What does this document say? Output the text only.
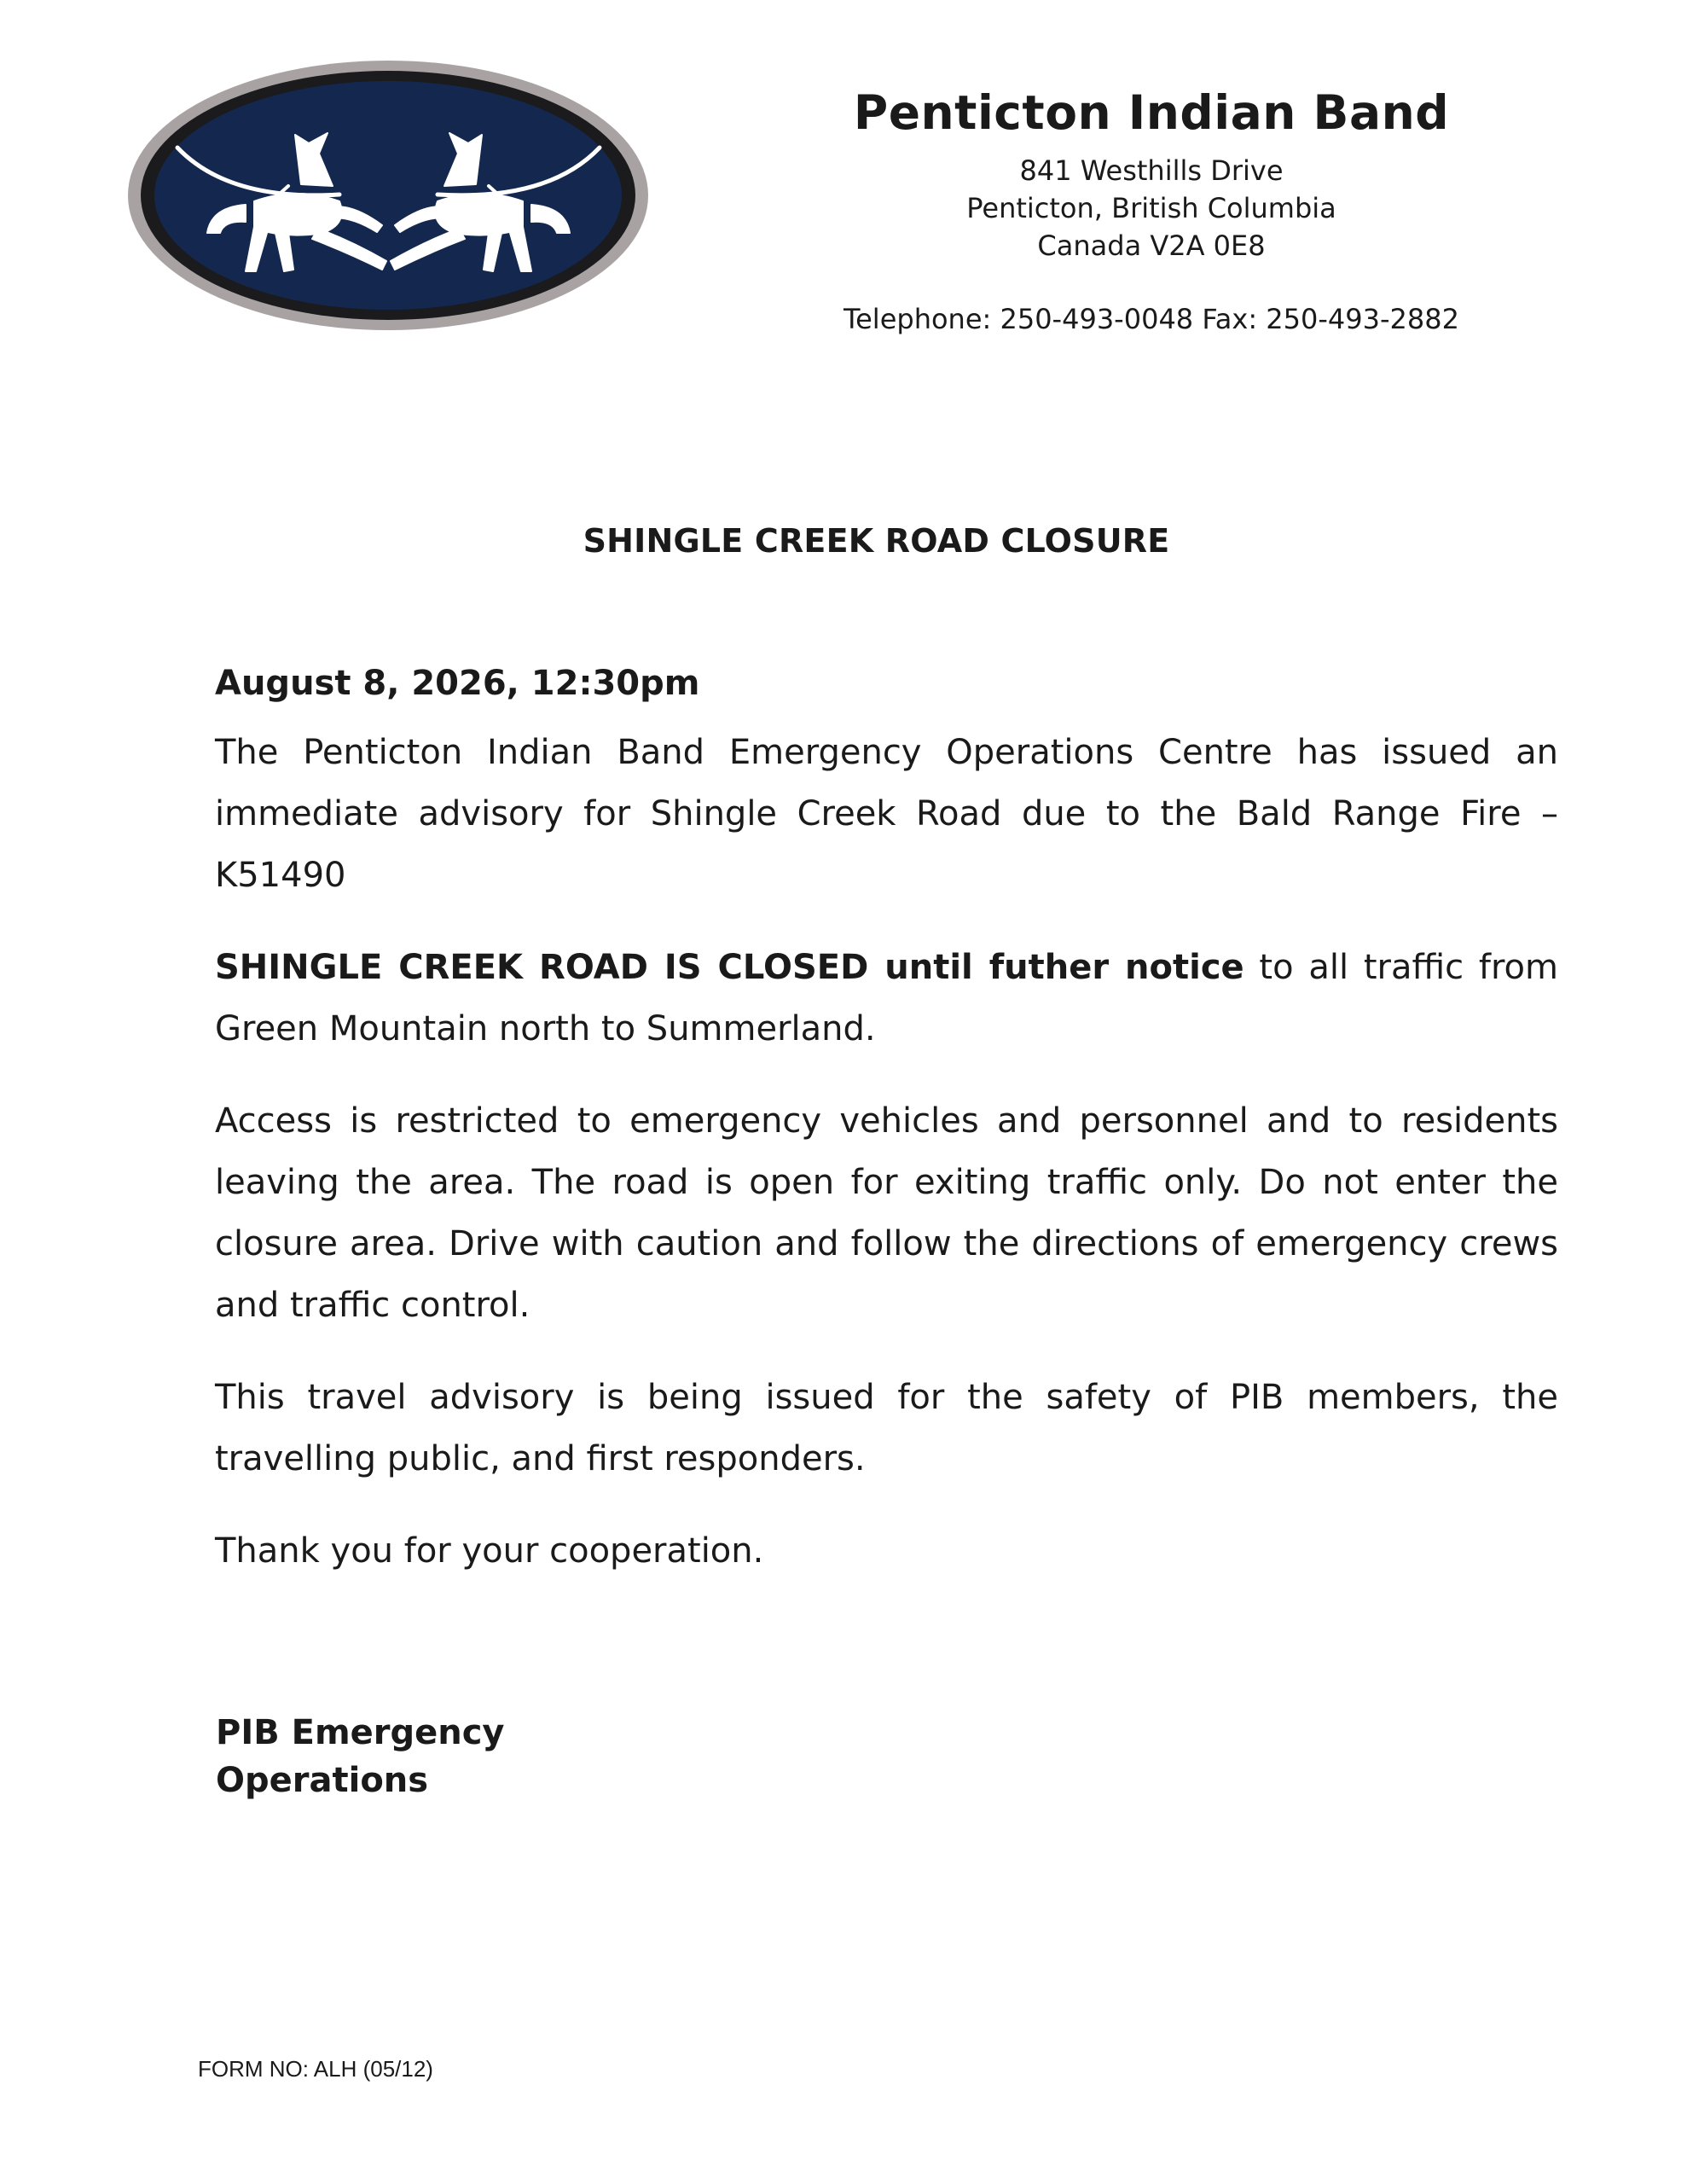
Penticton Indian Band
841 Westhills Drive
Penticton, British Columbia
Canada V2A 0E8
Telephone: 250-493-0048 Fax: 250-493-2882
SHINGLE CREEK ROAD CLOSURE
August 8, 2026, 12:30pm

The Penticton Indian Band Emergency Operations Centre has issued an immediate advisory for Shingle Creek Road due to the Bald Range Fire – K51490

SHINGLE CREEK ROAD IS CLOSED until futher notice to all traffic from Green Mountain north to Summerland.

Access is restricted to emergency vehicles and personnel and to residents leaving the area. The road is open for exiting traffic only. Do not enter the closure area. Drive with caution and follow the directions of emergency crews and traffic control.

This travel advisory is being issued for the safety of PIB members, the travelling public, and first responders.

Thank you for your cooperation.

PIB Emergency
Operations
FORM NO: ALH (05/12)
